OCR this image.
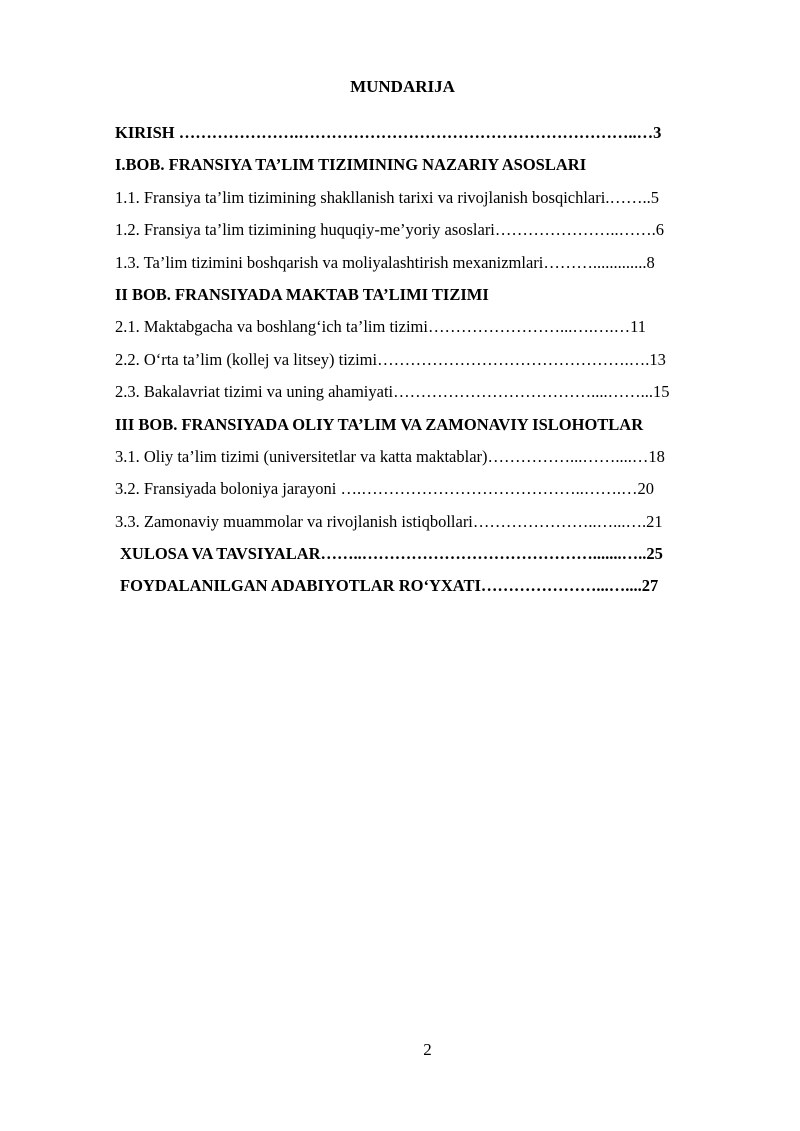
MUNDARIJA
KIRISH ………………….……………………………………………………..…3
I.BOB. FRANSIYA TA’LIM TIZIMINING NAZARIY ASOSLARI
1.1. Fransiya ta’lim tizimining shakllanish tarixi va rivojlanish bosqichlari.……..5
1.2. Fransiya ta’lim tizimining huquqiy-me’yoriy asoslari…………………..…….6
1.3. Ta’lim tizimini boshqarish va moliyalashtirish mexanizmlari……….............8
II BOB. FRANSIYADA MAKTAB TA’LIMI TIZIMI
2.1. Maktabgacha va boshlang‘ich ta’lim tizimi……………………...….….…11
2.2. O‘rta ta’lim (kollej va litsey) tizimi……………………………………….….13
2.3. Bakalavriat tizimi va uning ahamiyati………………………………....……...15
III BOB. FRANSIYADA OLIY TA’LIM VA ZAMONAVIY ISLOHOTLAR
3.1. Oliy ta’lim tizimi (universitetlar va katta maktablar)……………...……....…18
3.2. Fransiyada boloniya jarayoni ….…………………………………..…….…20
3.3. Zamonaviy muammolar va rivojlanish istiqbollari…………………..…...….21
XULOSA VA TAVSIYALAR……..…………………………………….......…..25
FOYDALANILGAN ADABIYOTLAR RO‘YXATI…………………...…....27
2
